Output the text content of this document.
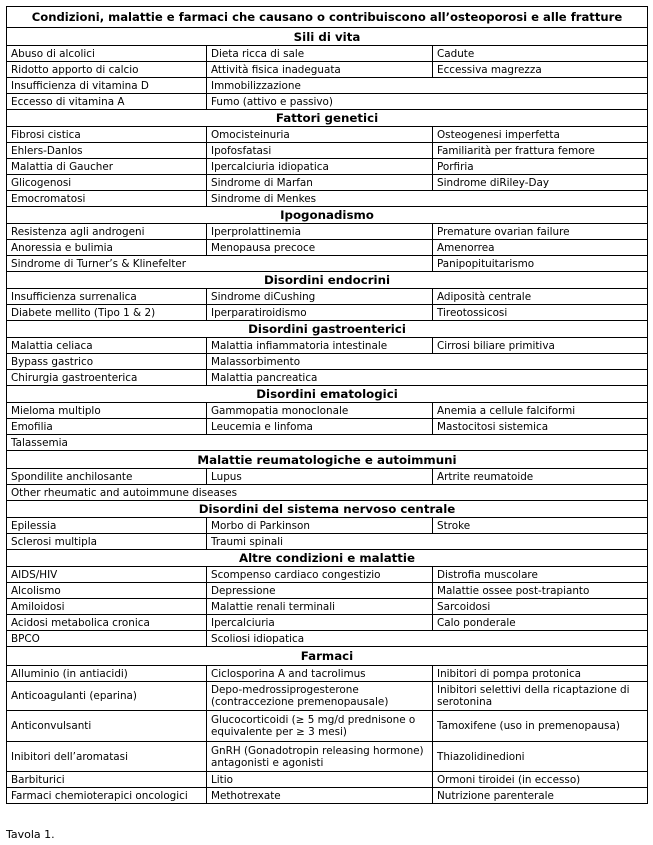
Condizioni, malattie e farmaci che causano o contribuiscono all’osteoporosi e alle fratture		
Sili di vita		
Abuso di alcolici	Dieta ricca di sale	Cadute
Ridotto apporto di calcio	Attività fisica inadeguata	Eccessiva magrezza
Insufficienza di vitamina D	Immobilizzazione	
Eccesso di vitamina A	Fumo (attivo e passivo)	
Fattori genetici		
Fibrosi cistica	Omocisteinuria	Osteogenesi imperfetta
Ehlers-Danlos	Ipofosfatasi	Familiarità per frattura femore
Malattia di Gaucher	Ipercalciuria idiopatica	Porfiria
Glicogenosi	Sindrome di Marfan	Sindrome diRiley-Day
Emocromatosi	Sindrome di Menkes	
Ipogonadismo		
Resistenza agli androgeni	Iperprolattinemia	Premature ovarian failure
Anoressia e bulimia	Menopausa precoce	Amenorrea
Sindrome di Turner’s & Klinefelter		Panipopituitarismo
Disordini endocrini		
Insufficienza surrenalica	Sindrome diCushing	Adiposità centrale
Diabete mellito (Tipo 1 & 2)	Iperparatiroidismo	Tireotossicosi
Disordini gastroenterici		
Malattia celiaca	Malattia infiammatoria intestinale	Cirrosi biliare primitiva
Bypass gastrico	Malassorbimento	
Chirurgia gastroenterica	Malattia pancreatica	
Disordini ematologici		
Mieloma multiplo	Gammopatia monoclonale	Anemia a cellule falciformi
Emofilia	Leucemia e linfoma	Mastocitosi sistemica
Talassemia		
Malattie reumatologiche e autoimmuni		
Spondilite anchilosante	Lupus	Artrite reumatoide
Other rheumatic and autoimmune diseases		
Disordini del sistema nervoso centrale		
Epilessia	Morbo di Parkinson	Stroke
Sclerosi multipla	Traumi spinali	
Altre condizioni e malattie		
AIDS/HIV	Scompenso cardiaco congestizio	Distrofia muscolare
Alcolismo	Depressione	Malattie ossee post-trapianto
Amiloidosi	Malattie renali terminali	Sarcoidosi
Acidosi metabolica cronica	Ipercalciuria	Calo ponderale
BPCO	Scoliosi idiopatica	
Farmaci		
Alluminio (in antiacidi)	Ciclosporina A and tacrolimus	Inibitori di pompa protonica
Anticoagulanti (eparina)	Depo-medrossiprogesterone (contraccezione premenopausale)	Inibitori selettivi della ricaptazione di serotonina
Anticonvulsanti	Glucocorticoidi (≥ 5 mg/d prednisone o equivalente per ≥ 3 mesi)	Tamoxifene (uso in premenopausa)
Inibitori dell’aromatasi	GnRH (Gonadotropin releasing hormone) antagonisti e agonisti	Thiazolidinedioni
Barbiturici	Litio	Ormoni tiroidei (in eccesso)
Farmaci chemioterapici oncologici	Methotrexate	Nutrizione parenterale
Tavola 1.
